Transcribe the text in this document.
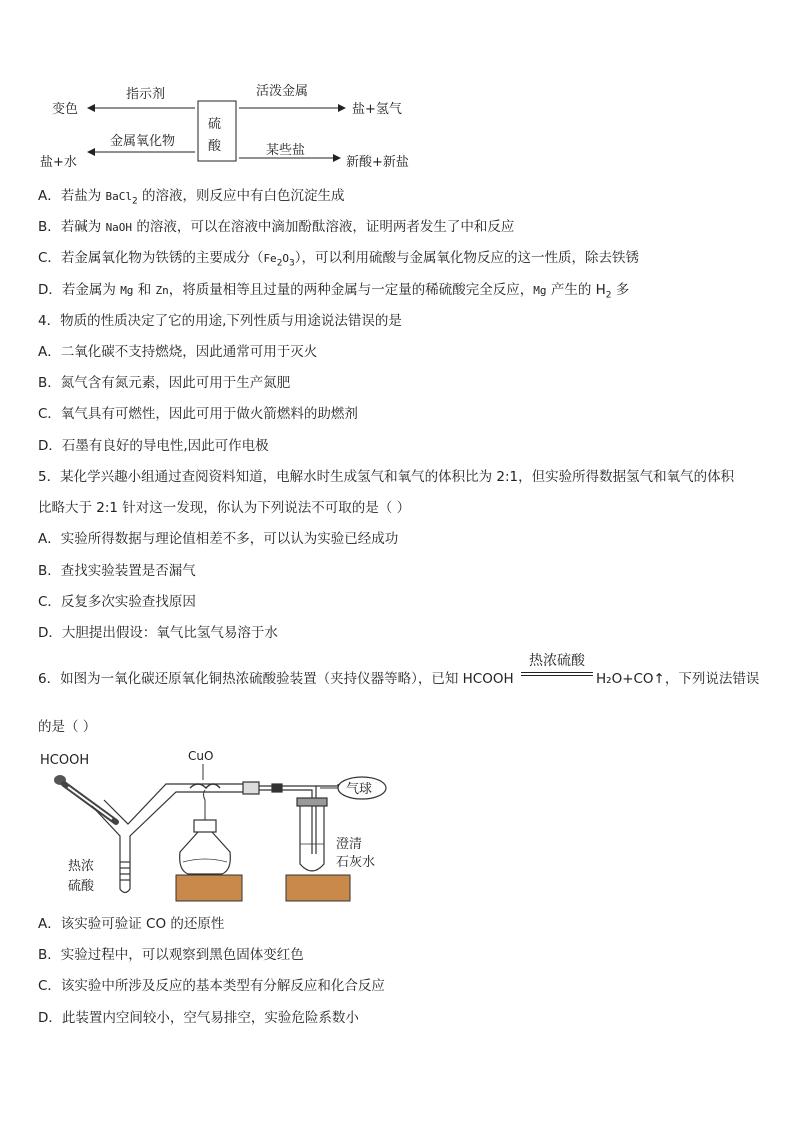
硫
酸
指示剂
变色
金属氧化物
盐+水
活泼金属
盐+氢气
某些盐
新酸+新盐
A．若盐为 BaCl$_2$ 的溶液，则反应中有白色沉淀生成
B．若碱为 NaOH 的溶液，可以在溶液中滴加酚酞溶液，证明两者发生了中和反应
C．若金属氧化物为铁锈的主要成分$(Fe_2O_3)$，可以利用硫酸与金属氧化物反应的这一性质，除去铁锈
D．若金属为 Mg 和 Zn，将质量相等且过量的两种金属与一定量的稀硫酸完全反应，Mg 产生的 $H_2$ 多
4．物质的性质决定了它的用途,下列性质与用途说法错误的是
A．二氧化碳不支持燃烧，因此通常可用于灭火
B．氮气含有氮元素，因此可用于生产氮肥
C．氧气具有可燃性，因此可用于做火箭燃料的助燃剂
D．石墨有良好的导电性,因此可作电极
5．某化学兴趣小组通过查阅资料知道，电解水时生成氢气和氧气的体积比为 2:1，但实验所得数据氢气和氧气的体积
比略大于 2:1 针对这一发现，你认为下列说法不可取的是（ ）
A．实验所得数据与理论值相差不多，可以认为实验已经成功
B．查找实验装置是否漏气
C．反复多次实验查找原因
D．大胆提出假设：氧气比氢气易溶于水
6．如图为一氧化碳还原氧化铜热浓硫酸验装置（夹持仪器等略），已知 HCOOH
热浓硫酸
H₂O+CO↑，下列说法错误
的是（ ）
HCOOH	CuO
热浓
硫酸
澄清
石灰水
气球
A．该实验可验证 CO 的还原性
B．实验过程中，可以观察到黑色固体变红色
C．该实验中所涉及反应的基本类型有分解反应和化合反应
D．此装置内空间较小，空气易排空，实验危险系数小
